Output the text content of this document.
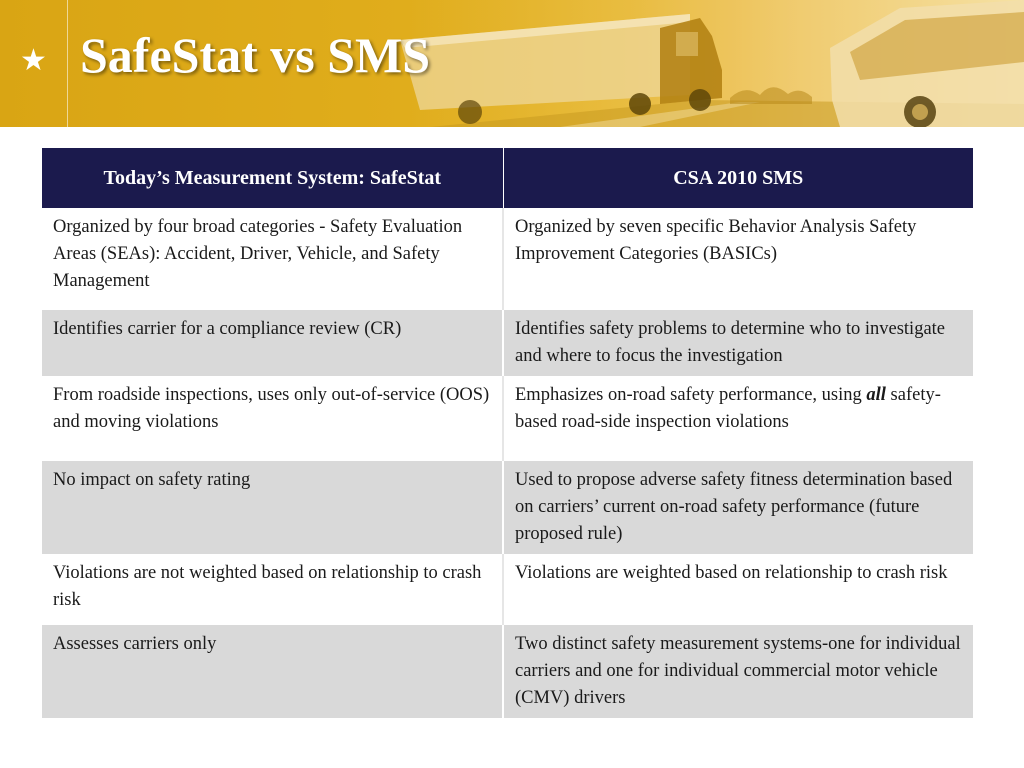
★ SafeStat vs SMS
Today’s Measurement System: SafeStat	CSA 2010 SMS
Organized by four broad categories - Safety Evaluation Areas (SEAs): Accident, Driver, Vehicle, and Safety Management	Organized by seven specific Behavior Analysis Safety Improvement Categories (BASICs)
Identifies carrier for a compliance review (CR)	Identifies safety problems to determine who to investigate and where to focus the investigation
From roadside inspections, uses only out-of-service (OOS) and moving violations	Emphasizes on-road safety performance, using all safety-based road-side inspection violations
No impact on safety rating	Used to propose adverse safety fitness determination based on carriers’ current on-road safety performance (future proposed rule)
Violations are not weighted based on relationship to crash risk	Violations are weighted based on relationship to crash risk
Assesses carriers only	Two distinct safety measurement systems-one for individual carriers and one for individual commercial motor vehicle (CMV) drivers
